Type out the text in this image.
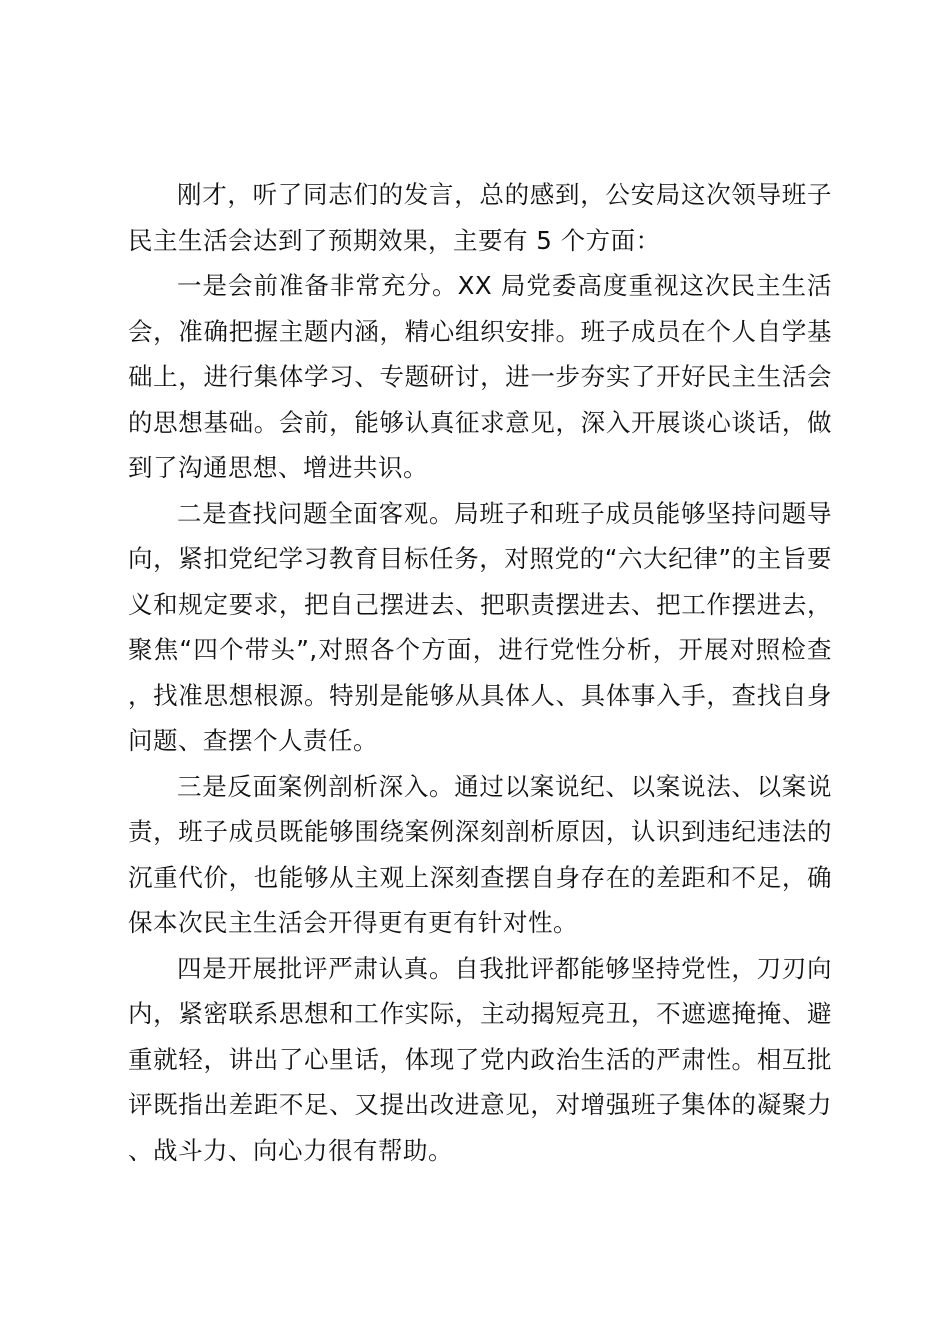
刚才，听了同志们的发言，总的感到，公安局这次领导班子民主生活会达到了预期效果，主要有 5 个方面：

一是会前准备非常充分。XX 局党委高度重视这次民主生活会，准确把握主题内涵，精心组织安排。班子成员在个人自学基础上，进行集体学习、专题研讨，进一步夯实了开好民主生活会的思想基础。会前，能够认真征求意见，深入开展谈心谈话，做到了沟通思想、增进共识。

二是查找问题全面客观。局班子和班子成员能够坚持问题导向，紧扣党纪学习教育目标任务，对照党的“六大纪律”的主旨要义和规定要求，把自己摆进去、把职责摆进去、把工作摆进去，聚焦“四个带头”,对照各个方面，进行党性分析，开展对照检查，找准思想根源。特别是能够从具体人、具体事入手，查找自身问题、查摆个人责任。

三是反面案例剖析深入。通过以案说纪、以案说法、以案说责，班子成员既能够围绕案例深刻剖析原因，认识到违纪违法的沉重代价，也能够从主观上深刻查摆自身存在的差距和不足，确保本次民主生活会开得更有更有针对性。

四是开展批评严肃认真。自我批评都能够坚持党性，刀刃向内，紧密联系思想和工作实际，主动揭短亮丑，不遮遮掩掩、避重就轻，讲出了心里话，体现了党内政治生活的严肃性。相互批评既指出差距不足、又提出改进意见，对增强班子集体的凝聚力、战斗力、向心力很有帮助。
